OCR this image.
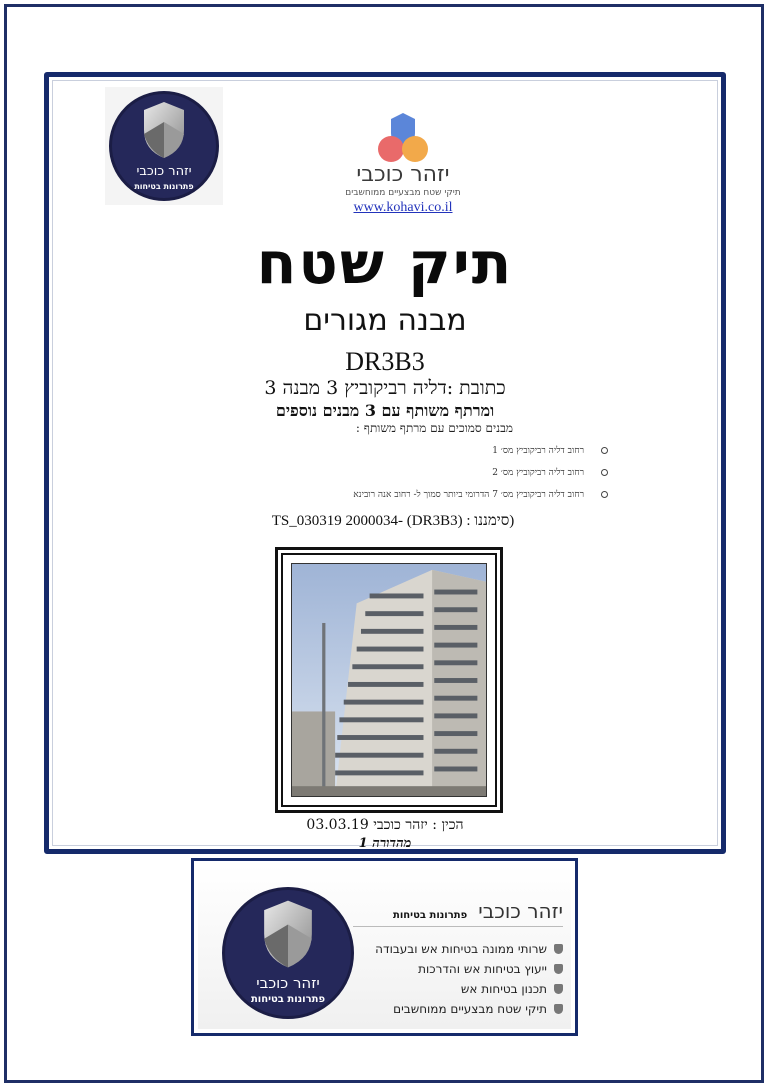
יזהר כוכבי
פתרונות בטיחות	יזהר כוכבי
תיקי שטח מבצעיים ממוחשבים
www.kohavi.co.il
תיק שטח
מבנה מגורים
DR3B3
כתובת :דליה רביקוביץ 3 מבנה 3
ומרתף משותף עם 3 מבנים נוספים
מבנים סמוכים עם מרתף משותף :
רחוב דליה רביקוביץ מס׳ 1
רחוב דליה רביקוביץ מס׳ 2
רחוב דליה רביקוביץ מס׳ 7 הדרומי ביותר סמוך ל- רחוב אנה רובינא
(סימננו : TS_030319 2000034- (DR3B3)
הכין : יזהר כוכבי 03.03.19
מהדורה 1
יזהר כוכבי
פתרונות בטיחות
יזהר כוכבי פתרונות בטיחות
שרותי ממונה בטיחות אש ובעבודה
ייעוץ בטיחות אש והדרכות
תכנון בטיחות אש
תיקי שטח מבצעיים ממוחשבים
